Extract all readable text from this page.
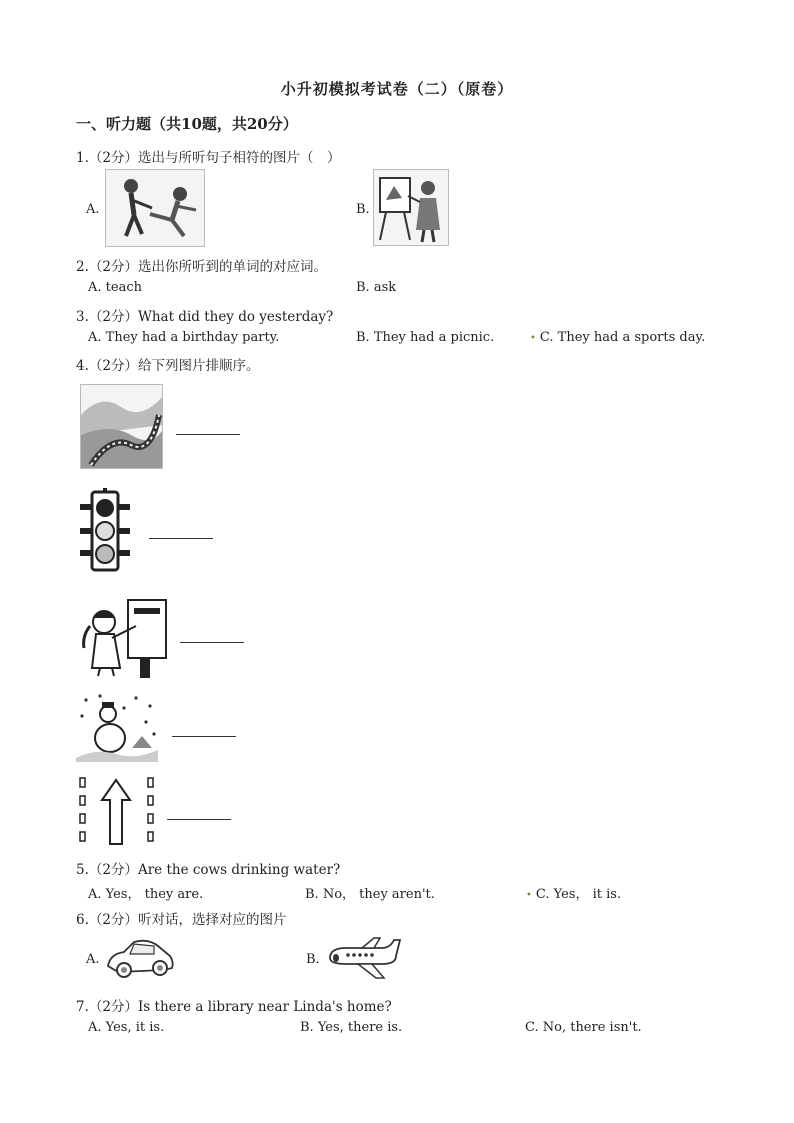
小升初模拟考试卷（二）（原卷）
一、听力题（共10题，共20分）
1.（2分）选出与所听句子相符的图片（　）
A.	B.
2.（2分）选出你所听到的单词的对应词。
A. teach	B. ask
3.（2分）What did they do yesterday?
A. They had a birthday party.	B. They had a picnic.	• C. They had a sports day.
4.（2分）给下列图片排顺序。
5.（2分）Are the cows drinking water?
A. Yes， they are.	B. No， they aren't.	• C. Yes， it is.
6.（2分）听对话，选择对应的图片
A.	B.
7.（2分）Is there a library near Linda's home?
A. Yes, it is.	B. Yes, there is.	C. No, there isn't.
